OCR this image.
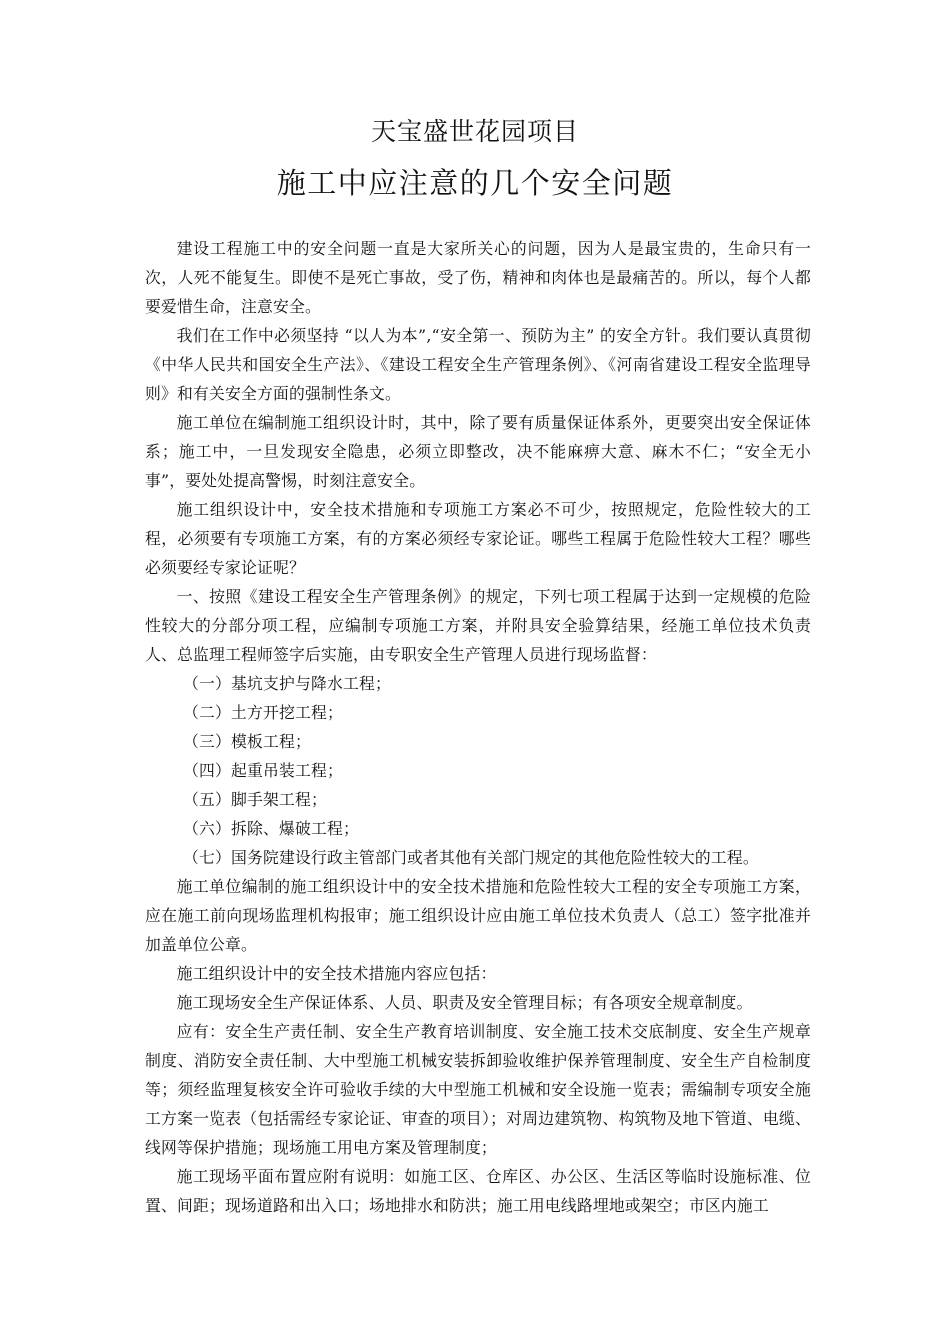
天宝盛世花园项目
施工中应注意的几个安全问题

建设工程施工中的安全问题一直是大家所关心的问题，因为人是最宝贵的，生命只有一次，人死不能复生。即使不是死亡事故，受了伤，精神和肉体也是最痛苦的。所以，每个人都要爱惜生命，注意安全。

我们在工作中必须坚持 “以人为本”,“安全第一、预防为主” 的安全方针。我们要认真贯彻《中华人民共和国安全生产法》、《建设工程安全生产管理条例》、《河南省建设工程安全监理导则》和有关安全方面的强制性条文。

施工单位在编制施工组织设计时，其中，除了要有质量保证体系外，更要突出安全保证体系；施工中，一旦发现安全隐患，必须立即整改，决不能麻痹大意、麻木不仁；“安全无小事”，要处处提高警惕，时刻注意安全。

施工组织设计中，安全技术措施和专项施工方案必不可少，按照规定，危险性较大的工程，必须要有专项施工方案，有的方案必须经专家论证。哪些工程属于危险性较大工程？哪些必须要经专家论证呢？

一、按照《建设工程安全生产管理条例》的规定，下列七项工程属于达到一定规模的危险性较大的分部分项工程，应编制专项施工方案，并附具安全验算结果，经施工单位技术负责人、总监理工程师签字后实施，由专职安全生产管理人员进行现场监督：

（一）基坑支护与降水工程；

（二）土方开挖工程；

（三）模板工程；

（四）起重吊装工程；

（五）脚手架工程；

（六）拆除、爆破工程；

（七）国务院建设行政主管部门或者其他有关部门规定的其他危险性较大的工程。

施工单位编制的施工组织设计中的安全技术措施和危险性较大工程的安全专项施工方案，应在施工前向现场监理机构报审；施工组织设计应由施工单位技术负责人（总工）签字批准并加盖单位公章。

施工组织设计中的安全技术措施内容应包括：

施工现场安全生产保证体系、人员、职责及安全管理目标；有各项安全规章制度。

应有：安全生产责任制、安全生产教育培训制度、安全施工技术交底制度、安全生产规章制度、消防安全责任制、大中型施工机械安装拆卸验收维护保养管理制度、安全生产自检制度等；须经监理复核安全许可验收手续的大中型施工机械和安全设施一览表；需编制专项安全施工方案一览表（包括需经专家论证、审查的项目）；对周边建筑物、构筑物及地下管道、电缆、线网等保护措施；现场施工用电方案及管理制度；

施工现场平面布置应附有说明：如施工区、仓库区、办公区、生活区等临时设施标准、位置、间距；现场道路和出入口；场地排水和防洪；施工用电线路埋地或架空；市区内施工
